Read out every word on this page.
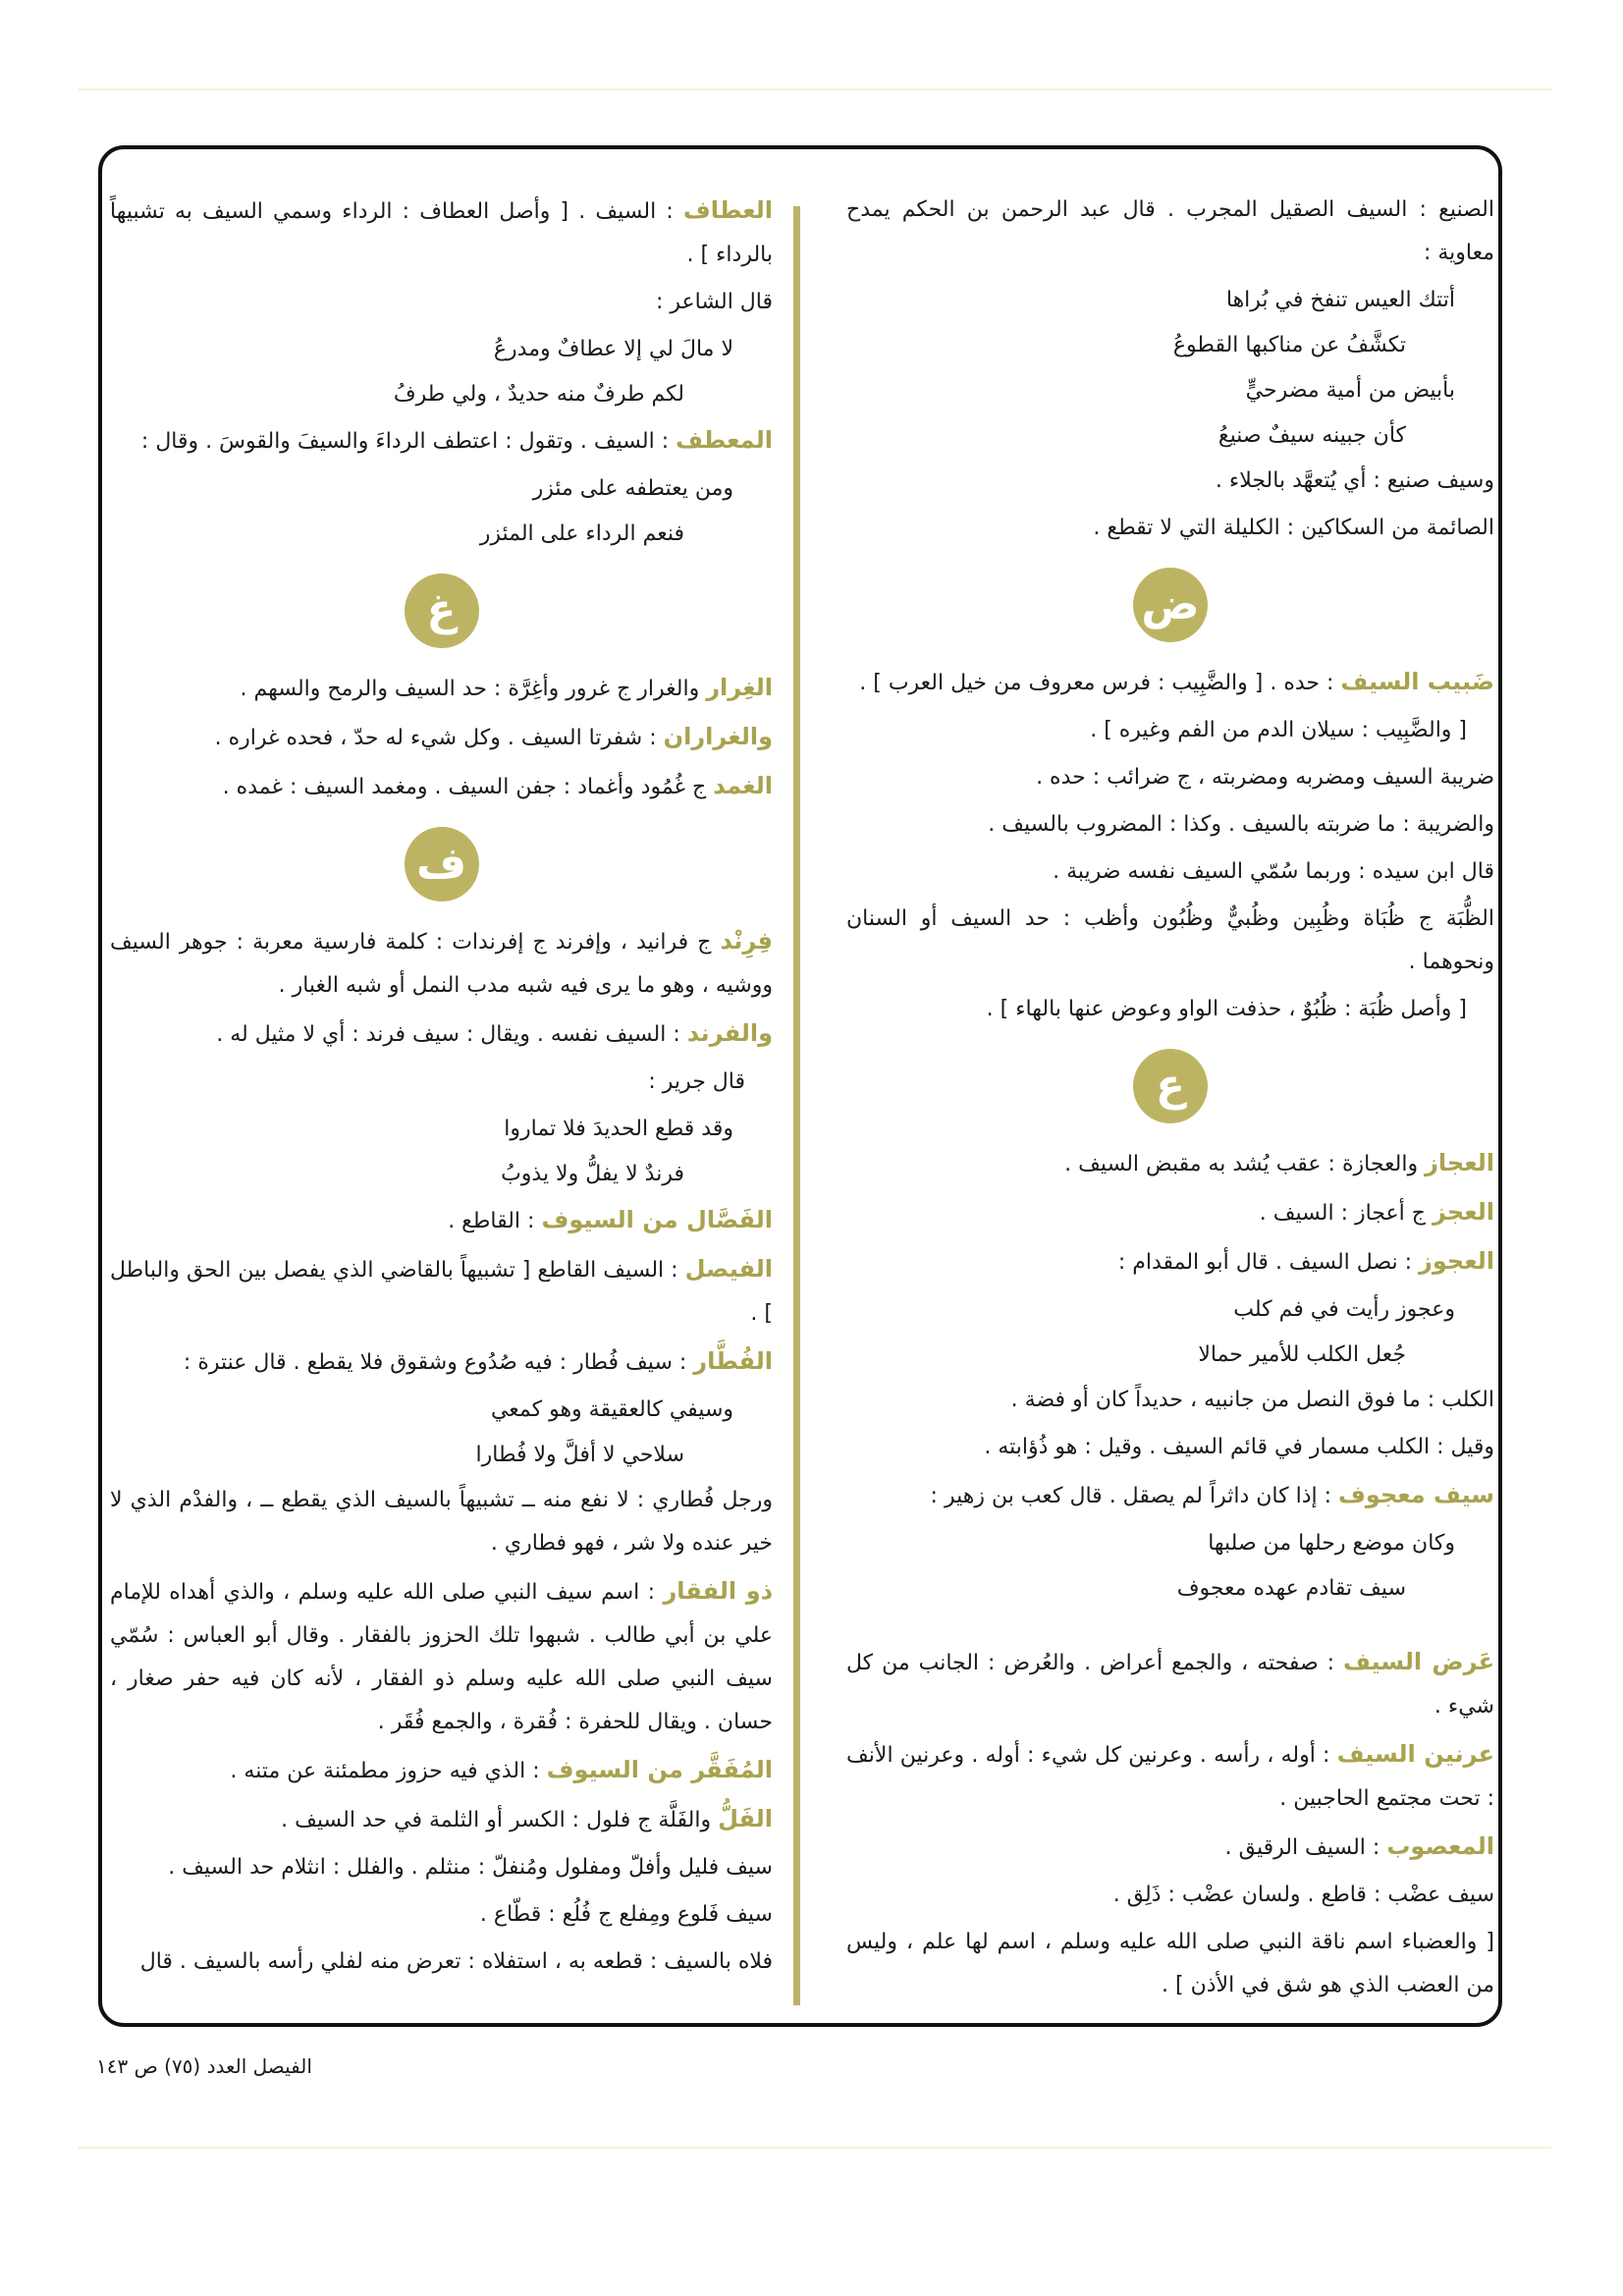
الصنيع : السيف الصقيل المجرب . قال عبد الرحمن بن الحكم يمدح معاوية :

أتتك العيس تنفخ في بُراها
تكشَّفُ عن مناكبها القطوعُ
بأبيض من أمية مضرحيٍّ
كأن جبينه سيفٌ صنيعُ

وسيف صنيع : أي يُتعهَّد بالجلاء .

الصائمة من السكاكين : الكليلة التي لا تقطع .

ض

ضَبيب السيف : حده . [ والضَّبِيب : فرس معروف من خيل العرب ] .

[ والضَّبِيب : سيلان الدم من الفم وغيره ] .

ضريبة السيف ومضربه ومضربته ، ج ضرائب : حده .

والضريبة : ما ضربته بالسيف . وكذا : المضروب بالسيف .

قال ابن سيده : وربما سُمّي السيف نفسه ضريبة .

الظُّبَة ج ظُبَاة وظُبِين وظُبيٌّ وظُبُون وأظب : حد السيف أو السنان ونحوهما .

[ وأصل ظُبَة : ظُبُوٌ ، حذفت الواو وعوض عنها بالهاء ] .

ع

العجاز والعجازة : عقب يُشد به مقبض السيف .

العجز ج أعجاز : السيف .

العجوز : نصل السيف . قال أبو المقدام :

وعجوز رأيت في فم كلب
جُعل الكلب للأمير حمالا

الكلب : ما فوق النصل من جانبيه ، حديداً كان أو فضة .

وقيل : الكلب مسمار في قائم السيف . وقيل : هو ذُؤابته .

سيف معجوف : إذا كان داثراً لم يصقل . قال كعب بن زهير :

وكان موضع رحلها من صلبها
سيف تقادم عهده معجوف

عَرض السيف : صفحته ، والجمع أعراض . والعُرض : الجانب من كل شيء .

عرنين السيف : أوله ، رأسه . وعرنين كل شيء : أوله . وعرنين الأنف : تحت مجتمع الحاجبين .

المعصوب : السيف الرقيق .

سيف عضْب : قاطع . ولسان عضْب : ذَلِق .

[ والعضباء اسم ناقة النبي صلى الله عليه وسلم ، اسم لها علم ، وليس من العضب الذي هو شق في الأذن ] .

العطاف : السيف . [ وأصل العطاف : الرداء وسمي السيف به تشبيهاً بالرداء ] .

قال الشاعر :

لا مالَ لي إلا عطافٌ ومدرعُ
لكم طرفٌ منه حديدٌ ، ولي طرفُ

المعطف : السيف . وتقول : اعتطف الرداءَ والسيفَ والقوسَ . وقال :

ومن يعتطفه على مئزر
فنعم الرداء على المئزر
غ

الغِرار والغرار ج غرور وأغِرَّة : حد السيف والرمح والسهم .

والغراران : شفرتا السيف . وكل شيء له حدّ ، فحده غراره .

الغمد ج غُمُود وأغماد : جفن السيف . ومغمد السيف : غمده .

ف

فِرِنْد ج فرانيد ، وإفرند ج إفرندات : كلمة فارسية معربة : جوهر السيف ووشيه ، وهو ما يرى فيه شبه مدب النمل أو شبه الغبار .

والفرند : السيف نفسه . ويقال : سيف فرند : أي لا مثيل له .

قال جرير :

وقد قطع الحديدَ فلا تماروا
فرندٌ لا يفلُّ ولا يذوبُ

الفَصَّال من السيوف : القاطع .

الفيصل : السيف القاطع [ تشبيهاً بالقاضي الذي يفصل بين الحق والباطل ] .

الفُطَّار : سيف فُطار : فيه صُدُوع وشقوق فلا يقطع . قال عنترة :

وسيفي كالعقيقة وهو كمعي
سلاحي لا أفلَّ ولا فُطارا

ورجل فُطاري : لا نفع منه ــ تشبيهاً بالسيف الذي يقطع ــ ، والفدْم الذي لا خير عنده ولا شر ، فهو فطاري .

ذو الفقار : اسم سيف النبي صلى الله عليه وسلم ، والذي أهداه للإمام علي بن أبي طالب . شبهوا تلك الحزوز بالفقار . وقال أبو العباس : سُمّي سيف النبي صلى الله عليه وسلم ذو الفقار ، لأنه كان فيه حفر صغار ، حسان . ويقال للحفرة : فُقرة ، والجمع فُقَر .

المُفَقَّر من السيوف : الذي فيه حزوز مطمئنة عن متنه .

الفَلُّ والفَلَّة ج فلول : الكسر أو الثلمة في حد السيف .

سيف فليل وأفلّ ومفلول ومُنفلّ : منثلم . والفلل : انثلام حد السيف .

سيف فَلوع ومِفلع ج فُلُع : قطّاع .

فلاه بالسيف : قطعه به ، استفلاه : تعرض منه لفلي رأسه بالسيف . قال

الفيصل العدد (٧٥) ص ١٤٣
